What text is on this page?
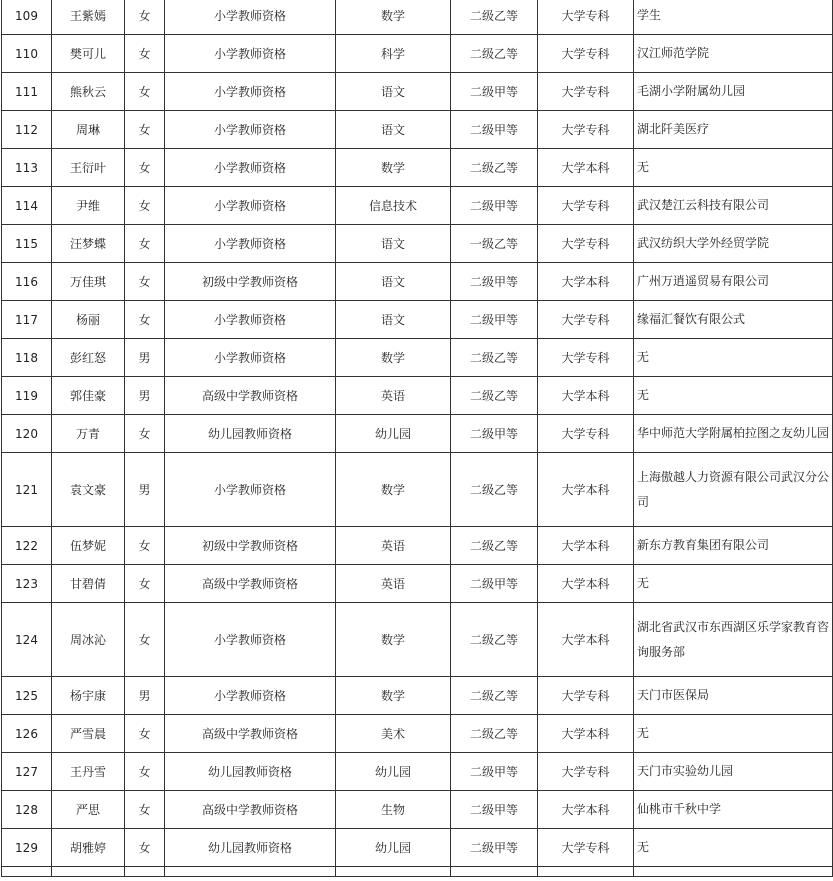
109	王紫嫣	女	小学教师资格	数学	二级乙等	大学专科	学生
110	樊可儿	女	小学教师资格	科学	二级乙等	大学专科	汉江师范学院
111	熊秋云	女	小学教师资格	语文	二级甲等	大学专科	毛湖小学附属幼儿园
112	周琳	女	小学教师资格	语文	二级甲等	大学专科	湖北阡美医疗
113	王衍叶	女	小学教师资格	数学	二级乙等	大学本科	无
114	尹维	女	小学教师资格	信息技术	二级甲等	大学专科	武汉楚江云科技有限公司
115	汪梦蝶	女	小学教师资格	语文	一级乙等	大学专科	武汉纺织大学外经贸学院
116	万佳琪	女	初级中学教师资格	语文	二级甲等	大学本科	广州万逍遥贸易有限公司
117	杨丽	女	小学教师资格	语文	二级甲等	大学专科	缘福汇餐饮有限公式
118	彭红怒	男	小学教师资格	数学	二级乙等	大学专科	无
119	郭佳豪	男	高级中学教师资格	英语	二级乙等	大学本科	无
120	万青	女	幼儿园教师资格	幼儿园	二级甲等	大学专科	华中师范大学附属柏拉图之友幼儿园
121	袁文豪	男	小学教师资格	数学	二级乙等	大学本科	上海傲越人力资源有限公司武汉分公司
122	伍梦妮	女	初级中学教师资格	英语	二级乙等	大学本科	新东方教育集团有限公司
123	甘碧倩	女	高级中学教师资格	英语	二级甲等	大学本科	无
124	周冰沁	女	小学教师资格	数学	二级乙等	大学本科	湖北省武汉市东西湖区乐学家教育咨询服务部
125	杨宇康	男	小学教师资格	数学	二级乙等	大学专科	天门市医保局
126	严雪晨	女	高级中学教师资格	美术	二级乙等	大学本科	无
127	王丹雪	女	幼儿园教师资格	幼儿园	二级甲等	大学专科	天门市实验幼儿园
128	严思	女	高级中学教师资格	生物	二级甲等	大学本科	仙桃市千秋中学
129	胡雅婷	女	幼儿园教师资格	幼儿园	二级甲等	大学专科	无
